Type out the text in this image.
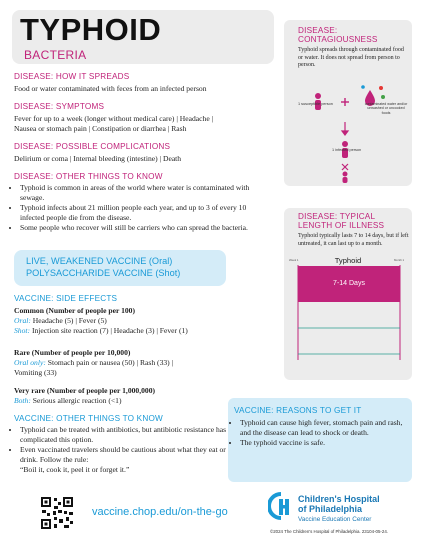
TYPHOID
BACTERIA
DISEASE: HOW IT SPREADS
Food or water contaminated with feces from an infected person
DISEASE: SYMPTOMS
Fever for up to a week (longer without medical care) | Headache |
Nausea or stomach pain | Constipation or diarrhea | Rash
DISEASE: POSSIBLE COMPLICATIONS
Delirium or coma | Internal bleeding (intestine) | Death
DISEASE: OTHER THINGS TO KNOW
• Typhoid is common in areas of the world where water is contaminated with sewage.
• Typhoid infects about 21 million people each year, and up to 3 of every 10 infected people die from the disease.
• Some people who recover will still be carriers who can spread the bacteria.
LIVE, WEAKENED VACCINE (Oral)
POLYSACCHARIDE VACCINE (Shot)
VACCINE: SIDE EFFECTS
Common (Number of people per 100)
Oral: Headache (5) | Fever (5)
Shot: Injection site reaction (7) | Headache (3) | Fever (1)
Rare (Number of people per 10,000)
Oral only: Stomach pain or nausea (50) | Rash (33) |
Vomiting (33)
Very rare (Number of people per 1,000,000)
Both: Serious allergic reaction (<1)
VACCINE: OTHER THINGS TO KNOW
• Typhoid can be treated with antibiotics, but antibiotic resistance has complicated this option.
• Even vaccinated travelers should be cautious about what they eat or drink. Follow the rule:
“Boil it, cook it, peel it or forget it.”
DISEASE:
CONTAGIOUSNESS
Typhoid spreads through contaminated food or water. It does not spread from person to person.
1 susceptible person	contaminated water and/or unwashed or uncooked foods
1 infected person
DISEASE: TYPICAL
LENGTH OF ILLNESS
Typhoid typically lasts 7 to 14 days, but if left untreated, it can last up to a month.
Typhoid
Week 1	Month 1
7-14 Days
VACCINE: REASONS TO GET IT
• Typhoid can cause high fever, stomach pain and rash, and the disease can lead to shock or death.
• The typhoid vaccine is safe.
vaccine.chop.edu/on-the-go
Children's Hospital
of Philadelphia
Vaccine Education Center
©2024 The Children's Hospital of Philadelphia. 23104-05-24.
